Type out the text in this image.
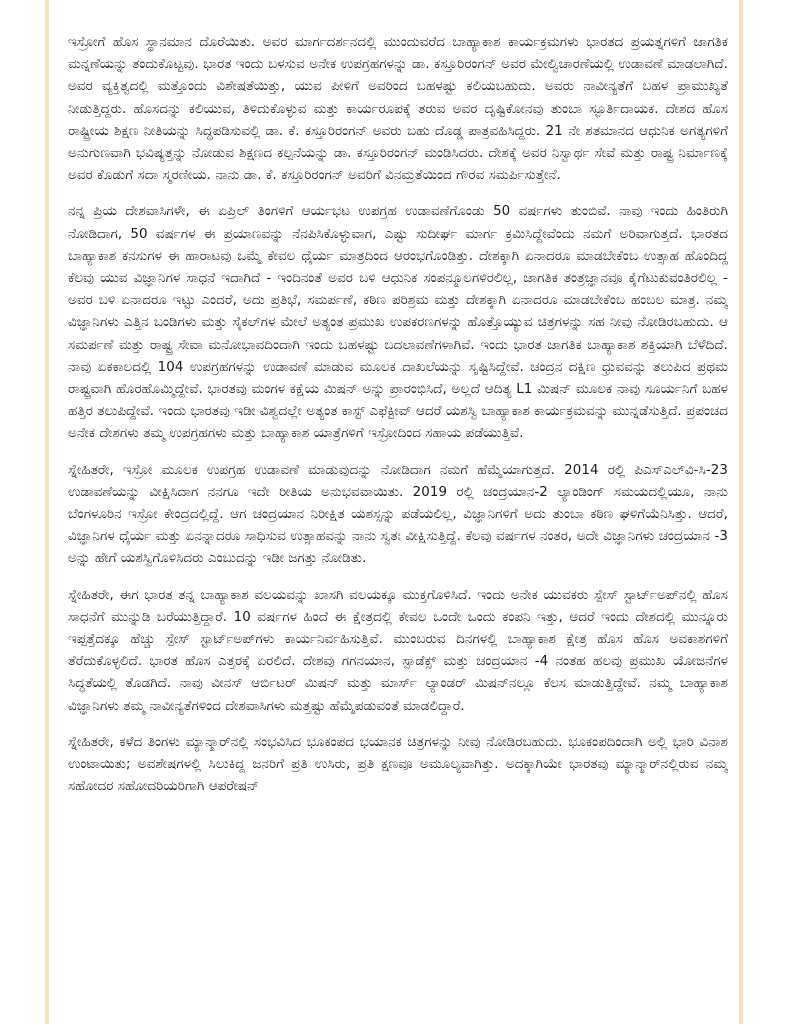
ಇಸ್ರೋಗೆ ಹೊಸ ಸ್ಥಾನಮಾನ ದೊರೆಯಿತು. ಅವರ ಮಾರ್ಗದರ್ಶನದಲ್ಲಿ ಮುಂದುವರೆದ ಬಾಹ್ಯಾಕಾಶ ಕಾರ್ಯಕ್ರಮಗಳು ಭಾರತದ ಪ್ರಯತ್ನಗಳಿಗೆ ಜಾಗತಿಕ ಮನ್ನಣೆಯನ್ನು ತಂದುಕೊಟ್ಟವು. ಭಾರತ ಇಂದು ಬಳಸುವ ಅನೇಕ ಉಪಗ್ರಹಗಳನ್ನು ಡಾ. ಕಸ್ತೂರಿರಂಗನ್ ಅವರ ಮೇಲ್ವಿಚಾರಣೆಯಲ್ಲಿ ಉಡಾವಣೆ ಮಾಡಲಾಗಿದೆ. ಅವರ ವ್ಯಕ್ತಿತ್ವದಲ್ಲಿ ಮತ್ತೊಂದು ವಿಶೇಷತೆಯಿತ್ತು, ಯುವ ಪೀಳಿಗೆ ಅವರಿಂದ ಬಹಳಷ್ಟು ಕಲಿಯಬಹುದು. ಅವರು ನಾವೀನ್ಯತೆಗೆ ಬಹಳ ಪ್ರಾಮುಖ್ಯತೆ ನೀಡುತ್ತಿದ್ದರು. ಹೊಸದನ್ನು ಕಲಿಯುವ, ತಿಳಿದುಕೊಳ್ಳುವ ಮತ್ತು ಕಾರ್ಯರೂಪಕ್ಕೆ ತರುವ ಅವರ ದೃಷ್ಟಿಕೋನವು ತುಂಬಾ ಸ್ಫೂರ್ತಿದಾಯಕ. ದೇಶದ ಹೊಸ ರಾಷ್ಟ್ರೀಯ ಶಿಕ್ಷಣ ನೀತಿಯನ್ನು ಸಿದ್ಧಪಡಿಸುವಲ್ಲಿ ಡಾ. ಕೆ. ಕಸ್ತೂರಿರಂಗನ್ ಅವರು ಬಹು ದೊಡ್ಡ ಪಾತ್ರವಹಿಸಿದ್ದರು. 21 ನೇ ಶತಮಾನದ ಆಧುನಿಕ ಅಗತ್ಯಗಳಿಗೆ ಅನುಗುಣವಾಗಿ ಭವಿಷ್ಯತ್ತನ್ನು ನೋಡುವ ಶಿಕ್ಷಣದ ಕಲ್ಪನೆಯನ್ನು ಡಾ. ಕಸ್ತೂರಿರಂಗನ್ ಮಂಡಿಸಿದರು. ದೇಶಕ್ಕೆ ಅವರ ನಿಸ್ವಾರ್ಥ ಸೇವೆ ಮತ್ತು ರಾಷ್ಟ್ರ ನಿರ್ಮಾಣಕ್ಕೆ ಅವರ ಕೊಡುಗೆ ಸದಾ ಸ್ಮರಣೀಯ. ನಾನು ಡಾ. ಕೆ. ಕಸ್ತೂರಿರಂಗನ್ ಅವರಿಗೆ ವಿನಮ್ರತೆಯಿಂದ ಗೌರವ ಸಮರ್ಪಿಸುತ್ತೇನೆ.

ನನ್ನ ಪ್ರಿಯ ದೇಶವಾಸಿಗಳೇ, ಈ ಏಪ್ರಿಲ್ ತಿಂಗಳಿಗೆ ಆರ್ಯಭಟ ಉಪಗ್ರಹ ಉಡಾವಣೆಗೊಂಡು 50 ವರ್ಷಗಳು ತುಂಬಿವೆ. ನಾವು ಇಂದು ಹಿಂತಿರುಗಿ ನೋಡಿದಾಗ, 50 ವರ್ಷಗಳ ಈ ಪ್ರಯಾಣವನ್ನು ನೆನಪಿಸಿಕೊಳ್ಳುವಾಗ, ಎಷ್ಟು ಸುದೀರ್ಘ ಮಾರ್ಗ ಕ್ರಮಿಸಿದ್ದೇವೆಂದು ನಮಗೆ ಅರಿವಾಗುತ್ತದೆ. ಭಾರತದ ಬಾಹ್ಯಾಕಾಶ ಕನಸುಗಳ ಈ ಹಾರಾಟವು ಒಮ್ಮೆ ಕೇವಲ ಧೈರ್ಯ ಮಾತ್ರದಿಂದ ಆರಂಭಗೊಂಡಿತ್ತು. ದೇಶಕ್ಕಾಗಿ ಏನಾದರೂ ಮಾಡಬೇಕೆಂಬ ಉತ್ಸಾಹ ಹೊಂದಿದ್ದ ಕೆಲವು ಯುವ ವಿಜ್ಞಾನಿಗಳ ಸಾಧನೆ ಇದಾಗಿದೆ - ಇಂದಿನಂತೆ ಅವರ ಬಳಿ ಆಧುನಿಕ ಸಂಪನ್ಮೂಲಗಳಿರಲಿಲ್ಲ, ಜಾಗತಿಕ ತಂತ್ರಜ್ಞಾನವೂ ಕೈಗೆಟುಕುವಂತಿರಲಿಲ್ಲ - ಅವರ ಬಳಿ ಏನಾದರೂ ಇಟ್ಟು ಎಂದರೆ, ಅದು ಪ್ರತಿಭೆ, ಸಮರ್ಪಣೆ, ಕಠಿಣ ಪರಿಶ್ರಮ ಮತ್ತು ದೇಶಕ್ಕಾಗಿ ಏನಾದರೂ ಮಾಡಬೇಕೆಂಬ ಹಂಬಲ ಮಾತ್ರ. ನಮ್ಮ ವಿಜ್ಞಾನಿಗಳು ಎತ್ತಿನ ಬಂಡಿಗಳು ಮತ್ತು ಸೈಕಲ್‌ಗಳ ಮೇಲೆ ಅತ್ಯಂತ ಪ್ರಮುಖ ಉಪಕರಣಗಳನ್ನು ಹೊತ್ತೊಯ್ಯುವ ಚಿತ್ರಗಳನ್ನು ಸಹ ನೀವು ನೋಡಿರಬಹುದು. ಆ ಸಮರ್ಪಣೆ ಮತ್ತು ರಾಷ್ಟ್ರ ಸೇವಾ ಮನೋಭಾವದಿಂದಾಗಿ ಇಂದು ಬಹಳಷ್ಟು ಬದಲಾವಣೆಗಳಾಗಿವೆ. ಇಂದು ಭಾರತ ಜಾಗತಿಕ ಬಾಹ್ಯಾಕಾಶ ಶಕ್ತಿಯಾಗಿ ಬೆಳೆದಿದೆ. ನಾವು ಏಕಕಾಲದಲ್ಲಿ 104 ಉಪಗ್ರಹಗಳನ್ನು ಉಡಾವಣೆ ಮಾಡುವ ಮೂಲಕ ದಾಖಲೆಯನ್ನು ಸೃಷ್ಟಿಸಿದ್ದೇವೆ. ಚಂದ್ರನ ದಕ್ಷಿಣ ಧ್ರುವವನ್ನು ತಲುಪಿದ ಪ್ರಥಮ ರಾಷ್ಟ್ರವಾಗಿ ಹೊರಹೊಮ್ಮಿದ್ದೇವೆ. ಭಾರತವು ಮಂಗಳ ಕಕ್ಷೆಯ ಮಿಷನ್ ಅನ್ನು ಪ್ರಾರಂಭಿಸಿದೆ, ಅಲ್ಲದೆ ಆದಿತ್ಯ L1 ಮಿಷನ್ ಮೂಲಕ ನಾವು ಸೂರ್ಯನಿಗೆ ಬಹಳ ಹತ್ತಿರ ತಲುಪಿದ್ದೇವೆ. ಇಂದು ಭಾರತವು ಇಡೀ ವಿಶ್ವದಲ್ಲೇ ಅತ್ಯಂತ ಕಾಸ್ಟ್ ಎಫೆಕ್ಟೀವ್ ಆದರೆ ಯಶಸ್ವಿ ಬಾಹ್ಯಾಕಾಶ ಕಾರ್ಯಕ್ರಮವನ್ನು ಮುನ್ನಡೆಸುತ್ತಿದೆ. ಪ್ರಪಂಚದ ಅನೇಕ ದೇಶಗಳು ತಮ್ಮ ಉಪಗ್ರಹಗಳು ಮತ್ತು ಬಾಹ್ಯಾಕಾಶ ಯಾತ್ರೆಗಳಿಗೆ ಇಸ್ರೋದಿಂದ ಸಹಾಯ ಪಡೆಯುತ್ತಿವೆ.

ಸ್ನೇಹಿತರೇ, ಇಸ್ರೋ ಮೂಲಕ ಉಪಗ್ರಹ ಉಡಾವಣೆ ಮಾಡುವುದನ್ನು ನೋಡಿದಾಗ ನಮಗೆ ಹೆಮ್ಮೆಯಾಗುತ್ತದೆ. 2014 ರಲ್ಲಿ ಪಿಎಸ್‌ಎಲ್‌ವಿ-ಸಿ-23 ಉಡಾವಣೆಯನ್ನು ವೀಕ್ಷಿಸಿದಾಗ ನನಗೂ ಇದೇ ರೀತಿಯ ಅನುಭವವಾಯಿತು. 2019 ರಲ್ಲಿ ಚಂದ್ರಯಾನ-2 ಲ್ಯಾಂಡಿಂಗ್ ಸಮಯದಲ್ಲಿಯೂ, ನಾನು ಬೆಂಗಳೂರಿನ ಇಸ್ರೋ ಕೇಂದ್ರದಲ್ಲಿದ್ದೆ. ಆಗ ಚಂದ್ರಯಾನ ನಿರೀಕ್ಷಿತ ಯಶಸ್ಸನ್ನು ಪಡೆಯಲಿಲ್ಲ, ವಿಜ್ಞಾನಿಗಳಿಗೆ ಅದು ತುಂಬಾ ಕಠಿಣ ಘಳಿಗೆಯೆನಿಸಿತ್ತು. ಆದರೆ, ವಿಜ್ಞಾನಿಗಳ ಧೈರ್ಯ ಮತ್ತು ಏನನ್ನಾದರೂ ಸಾಧಿಸುವ ಉತ್ಸಾಹವನ್ನು ನಾನು ಸ್ವತಃ ವೀಕ್ಷಿಸುತ್ತಿದ್ದೆ. ಕೆಲವು ವರ್ಷಗಳ ನಂತರ, ಅದೇ ವಿಜ್ಞಾನಿಗಳು ಚಂದ್ರಯಾನ -3 ಅನ್ನು ಹೇಗೆ ಯಶಸ್ವಿಗೊಳಿಸಿದರು ಎಂಬುದನ್ನು ಇಡೀ ಜಗತ್ತು ನೋಡಿತು.

ಸ್ನೇಹಿತರೇ, ಈಗ ಭಾರತ ತನ್ನ ಬಾಹ್ಯಾಕಾಶ ವಲಯವನ್ನು ಖಾಸಗಿ ವಲಯಕ್ಕೂ ಮುಕ್ತಗೊಳಿಸಿದೆ. ಇಂದು ಅನೇಕ ಯುವಕರು ಸ್ಪೇಸ್ ಸ್ಟಾರ್ಟ್‌ಅಪ್‌ನಲ್ಲಿ ಹೊಸ ಸಾಧನೆಗೆ ಮುನ್ನುಡಿ ಬರೆಯುತ್ತಿದ್ದಾರೆ. 10 ವರ್ಷಗಳ ಹಿಂದೆ ಈ ಕ್ಷೇತ್ರದಲ್ಲಿ ಕೇವಲ ಒಂದೇ ಒಂದು ಕಂಪನಿ ಇತ್ತು, ಆದರೆ ಇಂದು ದೇಶದಲ್ಲಿ ಮುನ್ನೂರು ಇಪ್ಪತ್ತೆದಕ್ಕೂ ಹೆಚ್ಚು ಸ್ಪೇಸ್ ಸ್ಟಾರ್ಟ್‌ಅಪ್‌ಗಳು ಕಾರ್ಯನಿರ್ವಹಿಸುತ್ತಿವೆ. ಮುಂಬರುವ ದಿನಗಳಲ್ಲಿ ಬಾಹ್ಯಾಕಾಶ ಕ್ಷೇತ್ರ ಹೊಸ ಹೊಸ ಅವಕಾಶಗಳಿಗೆ ತೆರೆದುಕೊಳ್ಳಲಿದೆ. ಭಾರತ ಹೊಸ ಎತ್ತರಕ್ಕೆ ಏರಲಿದೆ. ದೇಶವು ಗಗನಯಾನ, ಸ್ಪಾಡೆಕ್ಸ್ ಮತ್ತು ಚಂದ್ರಯಾನ -4 ನಂತಹ ಹಲವು ಪ್ರಮುಖ ಯೋಜನೆಗಳ ಸಿದ್ಧತೆಯಲ್ಲಿ ತೊಡಗಿದೆ. ನಾವು ವೀನಸ್ ಆರ್ಬಿಟರ್ ಮಿಷನ್ ಮತ್ತು ಮಾರ್ಸ್ ಲ್ಯಾಂಡರ್ ಮಿಷನ್‌ನಲ್ಲೂ ಕೆಲಸ ಮಾಡುತ್ತಿದ್ದೇವೆ. ನಮ್ಮ ಬಾಹ್ಯಾಕಾಶ ವಿಜ್ಞಾನಿಗಳು ತಮ್ಮ ನಾವೀನ್ಯತೆಗಳಿಂದ ದೇಶವಾಸಿಗಳು ಮತ್ತಷ್ಟು ಹೆಮ್ಮೆಪಡುವಂತೆ ಮಾಡಲಿದ್ದಾರೆ.

ಸ್ನೇಹಿತರೇ, ಕಳೆದ ತಿಂಗಳು ಮ್ಯಾನ್ಮಾರ್‌ನಲ್ಲಿ ಸಂಭವಿಸಿದ ಭೂಕಂಪದ ಭಯಾನಕ ಚಿತ್ರಗಳನ್ನು ನೀವು ನೋಡಿರಬಹುದು. ಭೂಕಂಪದಿಂದಾಗಿ ಅಲ್ಲಿ ಭಾರಿ ವಿನಾಶ ಉಂಟಾಯಿತು; ಅವಶೇಷಗಳಲ್ಲಿ ಸಿಲುಕಿದ್ದ ಜನರಿಗೆ ಪ್ರತಿ ಉಸಿರು, ಪ್ರತಿ ಕ್ಷಣವೂ ಅಮೂಲ್ಯವಾಗಿತ್ತು. ಅದಕ್ಕಾಗಿಯೇ ಭಾರತವು ಮ್ಯಾನ್ಮಾರ್‌ನಲ್ಲಿರುವ ನಮ್ಮ ಸಹೋದರ ಸಹೋದರಿಯರಿಗಾಗಿ ಆಪರೇಷನ್
